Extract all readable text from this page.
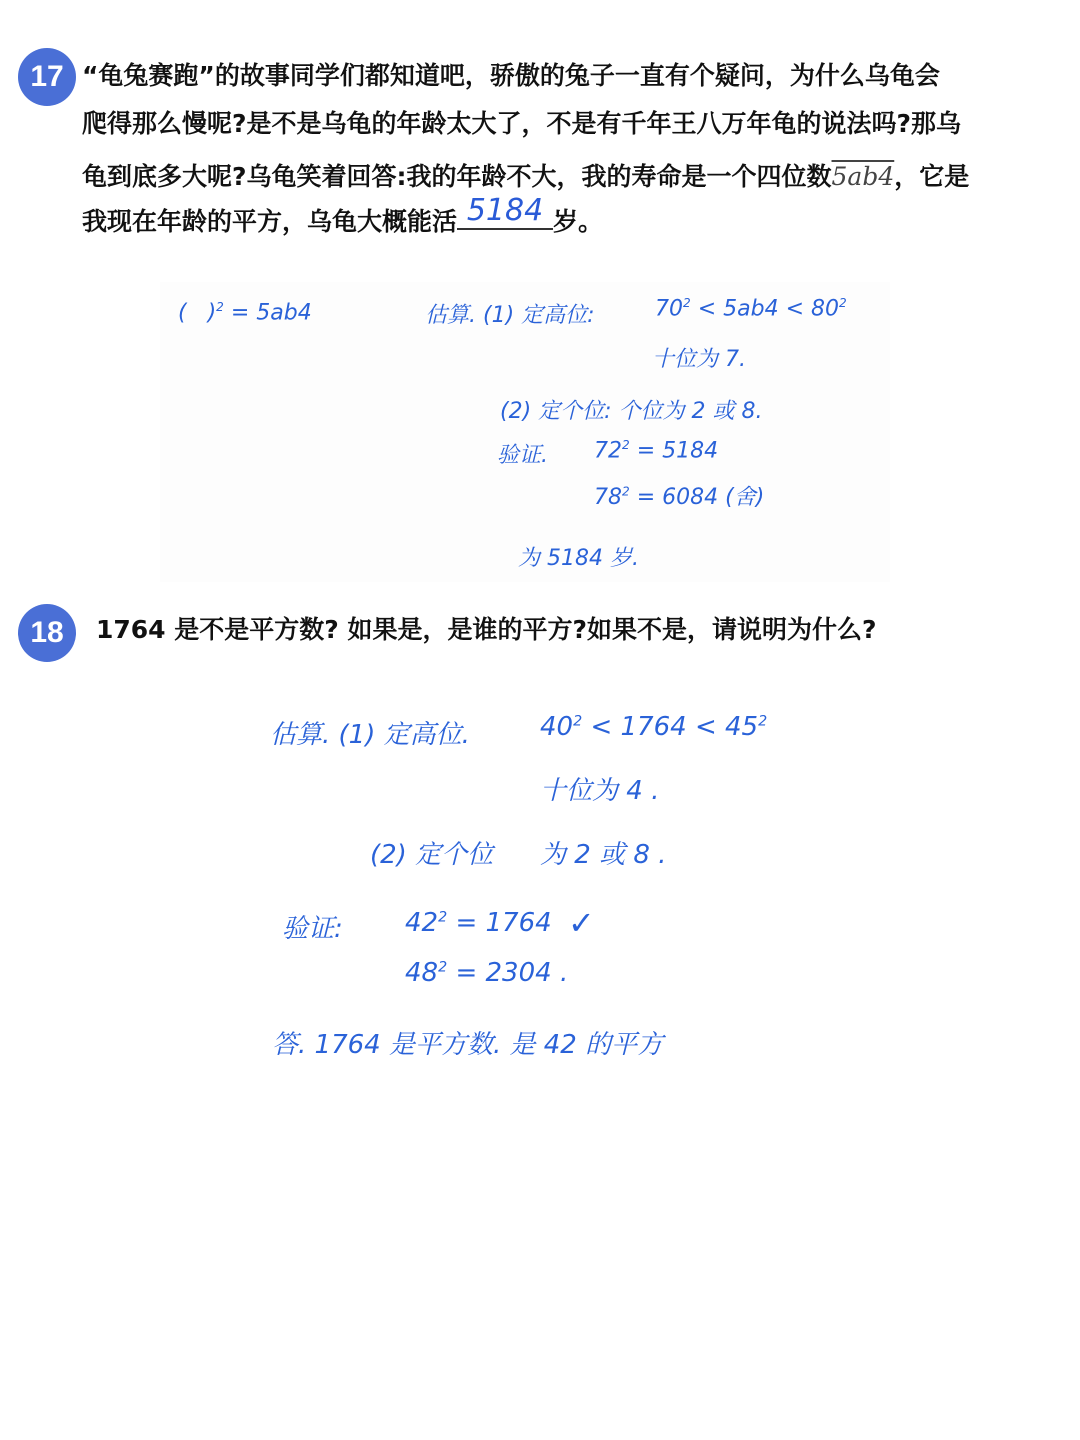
17 “龟兔赛跑”的故事同学们都知道吧，骄傲的兔子一直有个疑问，为什么乌龟会
爬得那么慢呢?是不是乌龟的年龄太大了，不是有千年王八万年龟的说法吗?那乌
龟到底多大呢?乌龟笑着回答:我的年龄不大，我的寿命是一个四位数5ab4，它是
我现在年龄的平方，乌龟大概能活 5184 岁。
( )$^2$ = 5ab4	估算. (1) 定高位:	$70^2 < 5ab4 < 80^2$
十位为 7.
(2) 定个位: 个位为 2 或 8.
验证. $72^2 = 5184$
$78^2 = 6084$ (舍)
为 5184 岁.
18 1764 是不是平方数? 如果是，是谁的平方?如果不是，请说明为什么?
估算. (1) 定高位.	$40^2 < 1764 < 45^2$
十位为 4 .
(2) 定个位 为 2 或 8 .
验证: $42^2 = 1764$ ✓
$48^2 = 2304$ .
答. 1764 是平方数. 是 42 的平方
